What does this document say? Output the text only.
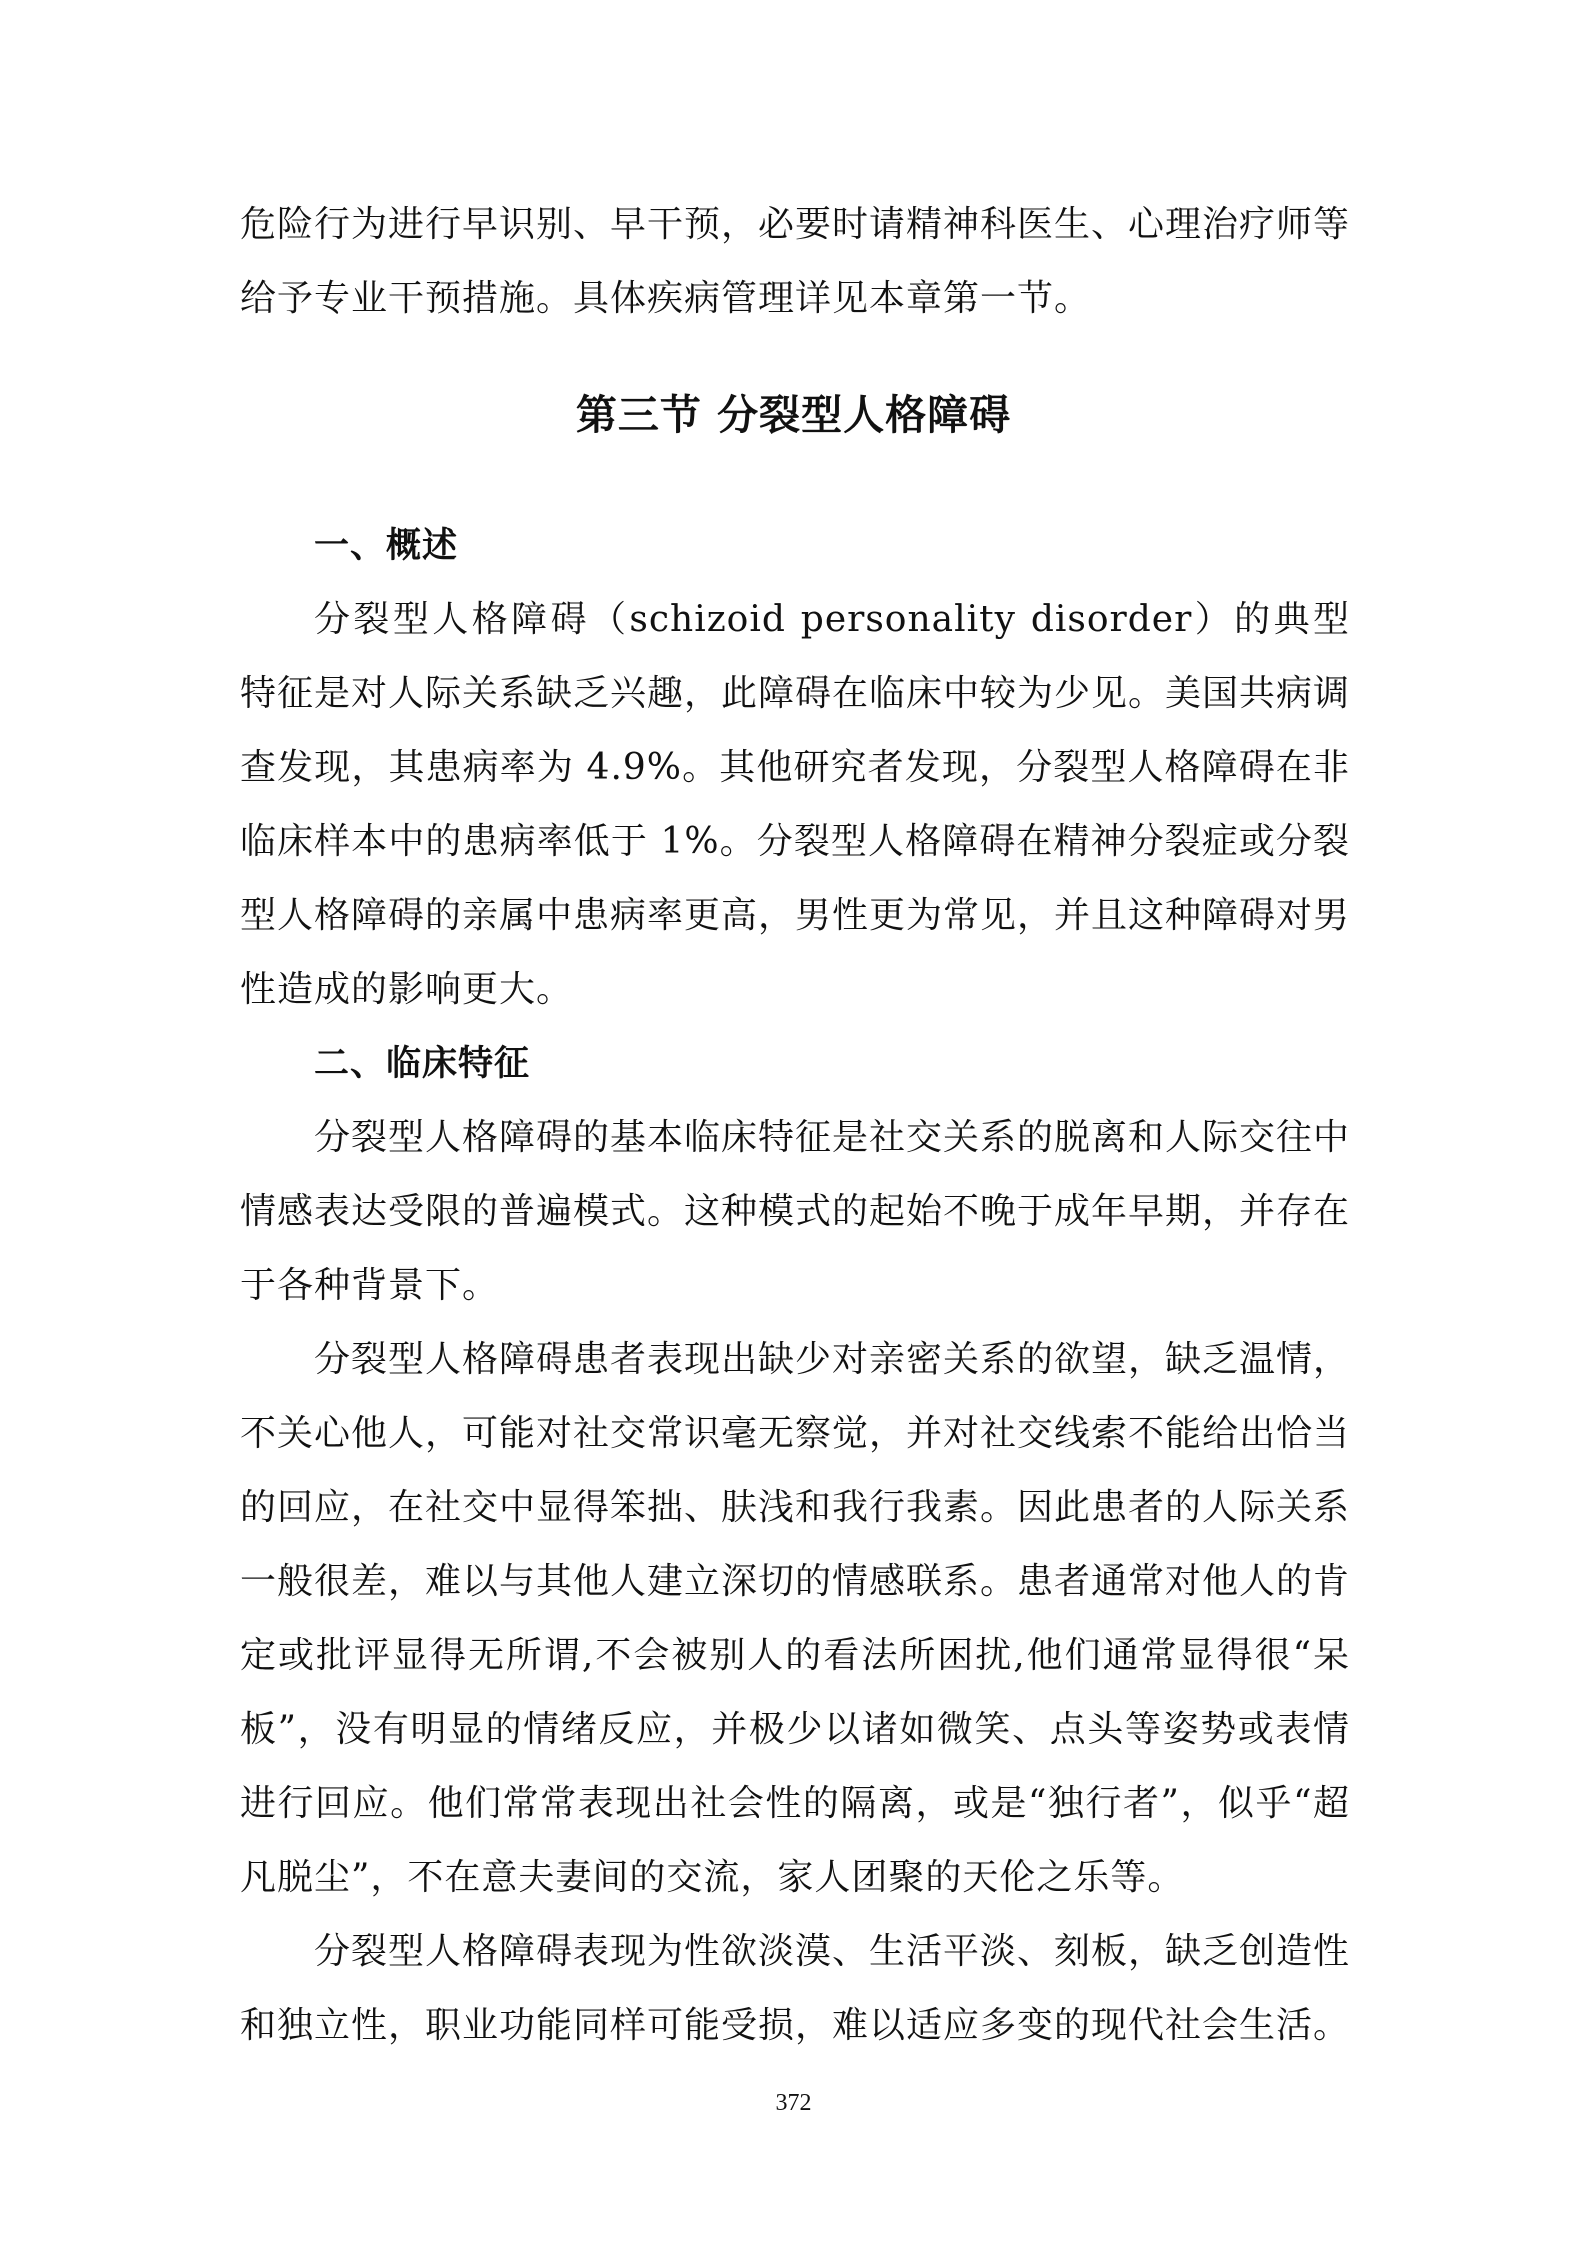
危险行为进行早识别、早干预，必要时请精神科医生、心理治疗师等给予专业干预措施。具体疾病管理详见本章第一节。

第三节 分裂型人格障碍
一、概述

分裂型人格障碍（schizoid personality disorder）的典型特征是对人际关系缺乏兴趣，此障碍在临床中较为少见。美国共病调查发现，其患病率为 4.9%。其他研究者发现，分裂型人格障碍在非临床样本中的患病率低于 1%。分裂型人格障碍在精神分裂症或分裂型人格障碍的亲属中患病率更高，男性更为常见，并且这种障碍对男性造成的影响更大。

二、临床特征

分裂型人格障碍的基本临床特征是社交关系的脱离和人际交往中情感表达受限的普遍模式。这种模式的起始不晚于成年早期，并存在于各种背景下。

分裂型人格障碍患者表现出缺少对亲密关系的欲望，缺乏温情，不关心他人，可能对社交常识毫无察觉，并对社交线索不能给出恰当的回应，在社交中显得笨拙、肤浅和我行我素。因此患者的人际关系一般很差，难以与其他人建立深切的情感联系。患者通常对他人的肯定或批评显得无所谓,不会被别人的看法所困扰,他们通常显得很“呆板”，没有明显的情绪反应，并极少以诸如微笑、点头等姿势或表情进行回应。他们常常表现出社会性的隔离，或是“独行者”，似乎“超凡脱尘”，不在意夫妻间的交流，家人团聚的天伦之乐等。

分裂型人格障碍表现为性欲淡漠、生活平淡、刻板，缺乏创造性和独立性，职业功能同样可能受损，难以适应多变的现代社会生活。

372
